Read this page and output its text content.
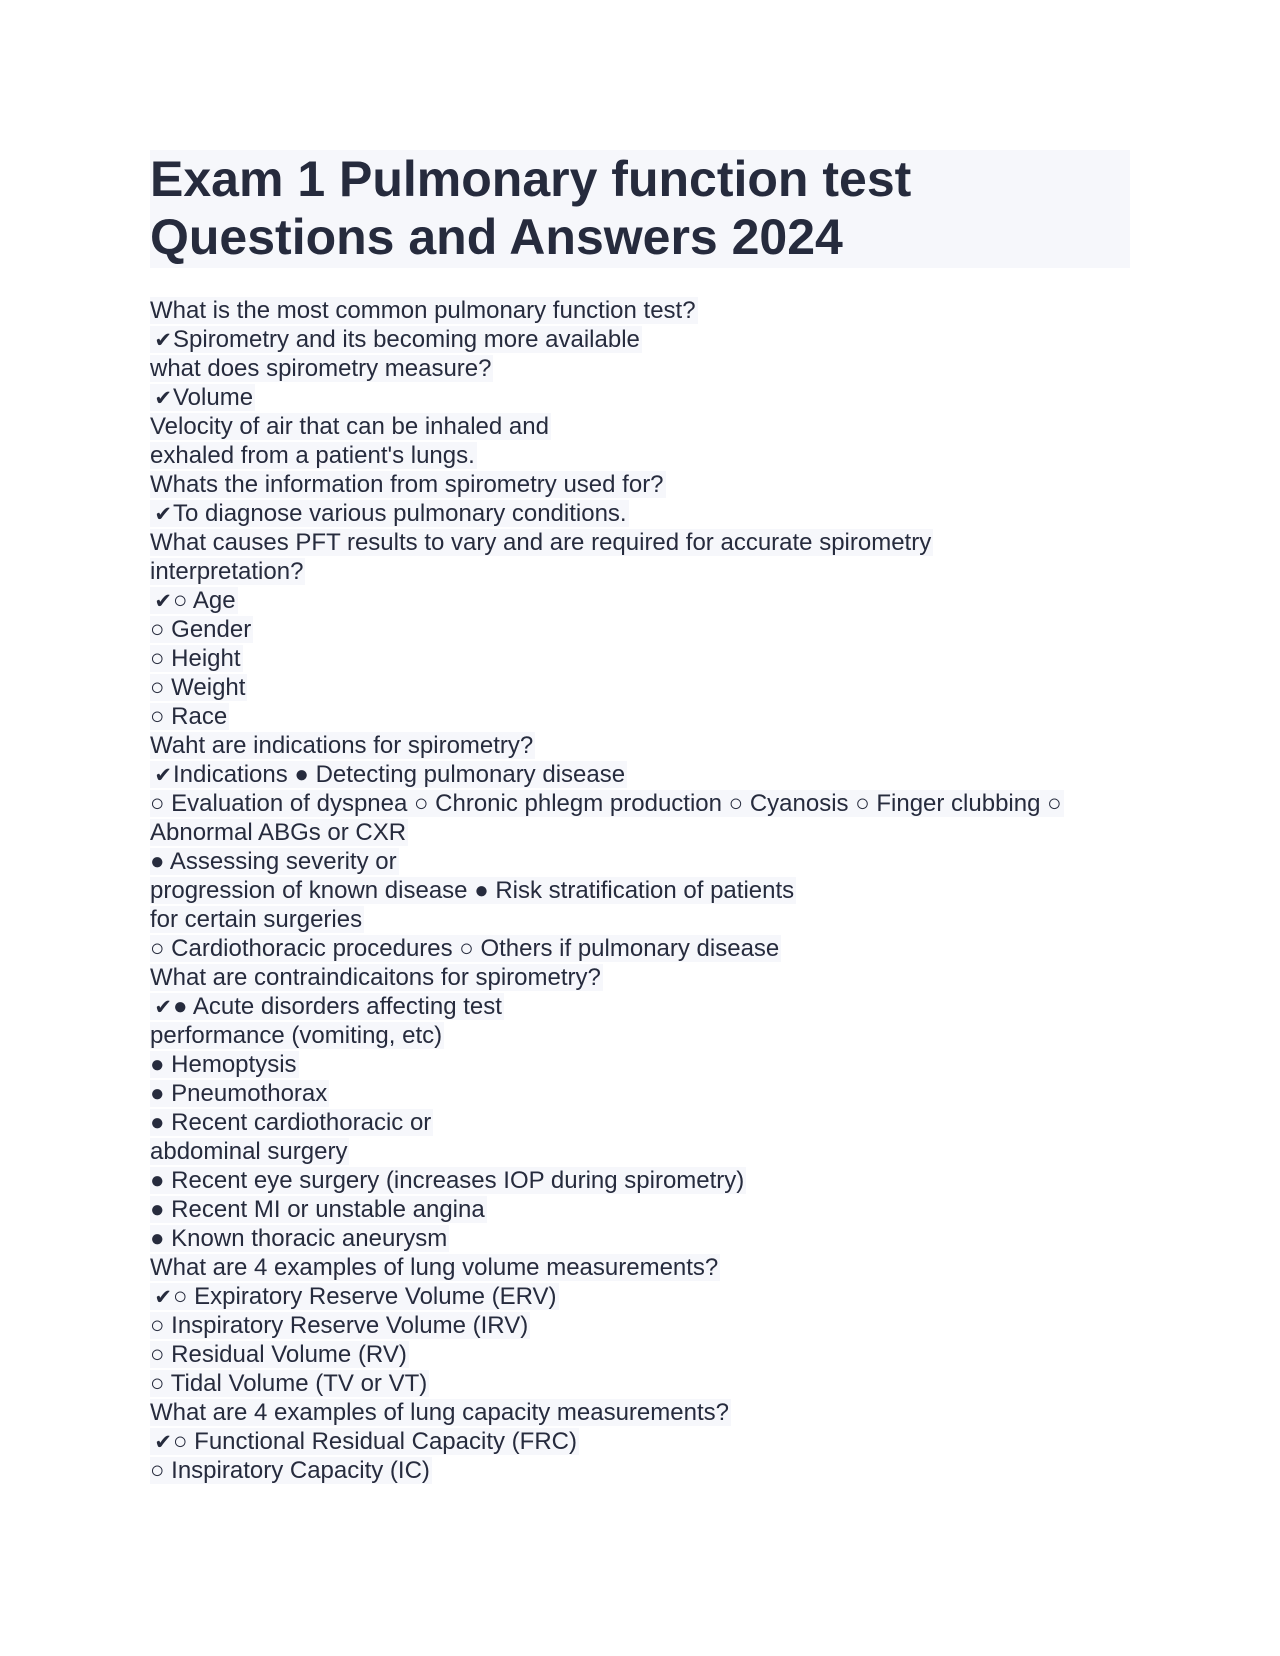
Exam 1 Pulmonary function test
Questions and Answers 2024
What is the most common pulmonary function test?
✔Spirometry and its becoming more available
what does spirometry measure?
✔Volume
Velocity of air that can be inhaled and
exhaled from a patient's lungs.
Whats the information from spirometry used for?
✔To diagnose various pulmonary conditions.
What causes PFT results to vary and are required for accurate spirometry
interpretation?
✔○ Age
○ Gender
○ Height
○ Weight
○ Race
Waht are indications for spirometry?
✔Indications ● Detecting pulmonary disease
○ Evaluation of dyspnea ○ Chronic phlegm production ○ Cyanosis ○ Finger clubbing ○
Abnormal ABGs or CXR
● Assessing severity or
progression of known disease ● Risk stratification of patients
for certain surgeries
○ Cardiothoracic procedures ○ Others if pulmonary disease
What are contraindicaitons for spirometry?
✔● Acute disorders affecting test
performance (vomiting, etc)
● Hemoptysis
● Pneumothorax
● Recent cardiothoracic or
abdominal surgery
● Recent eye surgery (increases IOP during spirometry)
● Recent MI or unstable angina
● Known thoracic aneurysm
What are 4 examples of lung volume measurements?
✔○ Expiratory Reserve Volume (ERV)
○ Inspiratory Reserve Volume (IRV)
○ Residual Volume (RV)
○ Tidal Volume (TV or VT)
What are 4 examples of lung capacity measurements?
✔○ Functional Residual Capacity (FRC)
○ Inspiratory Capacity (IC)
